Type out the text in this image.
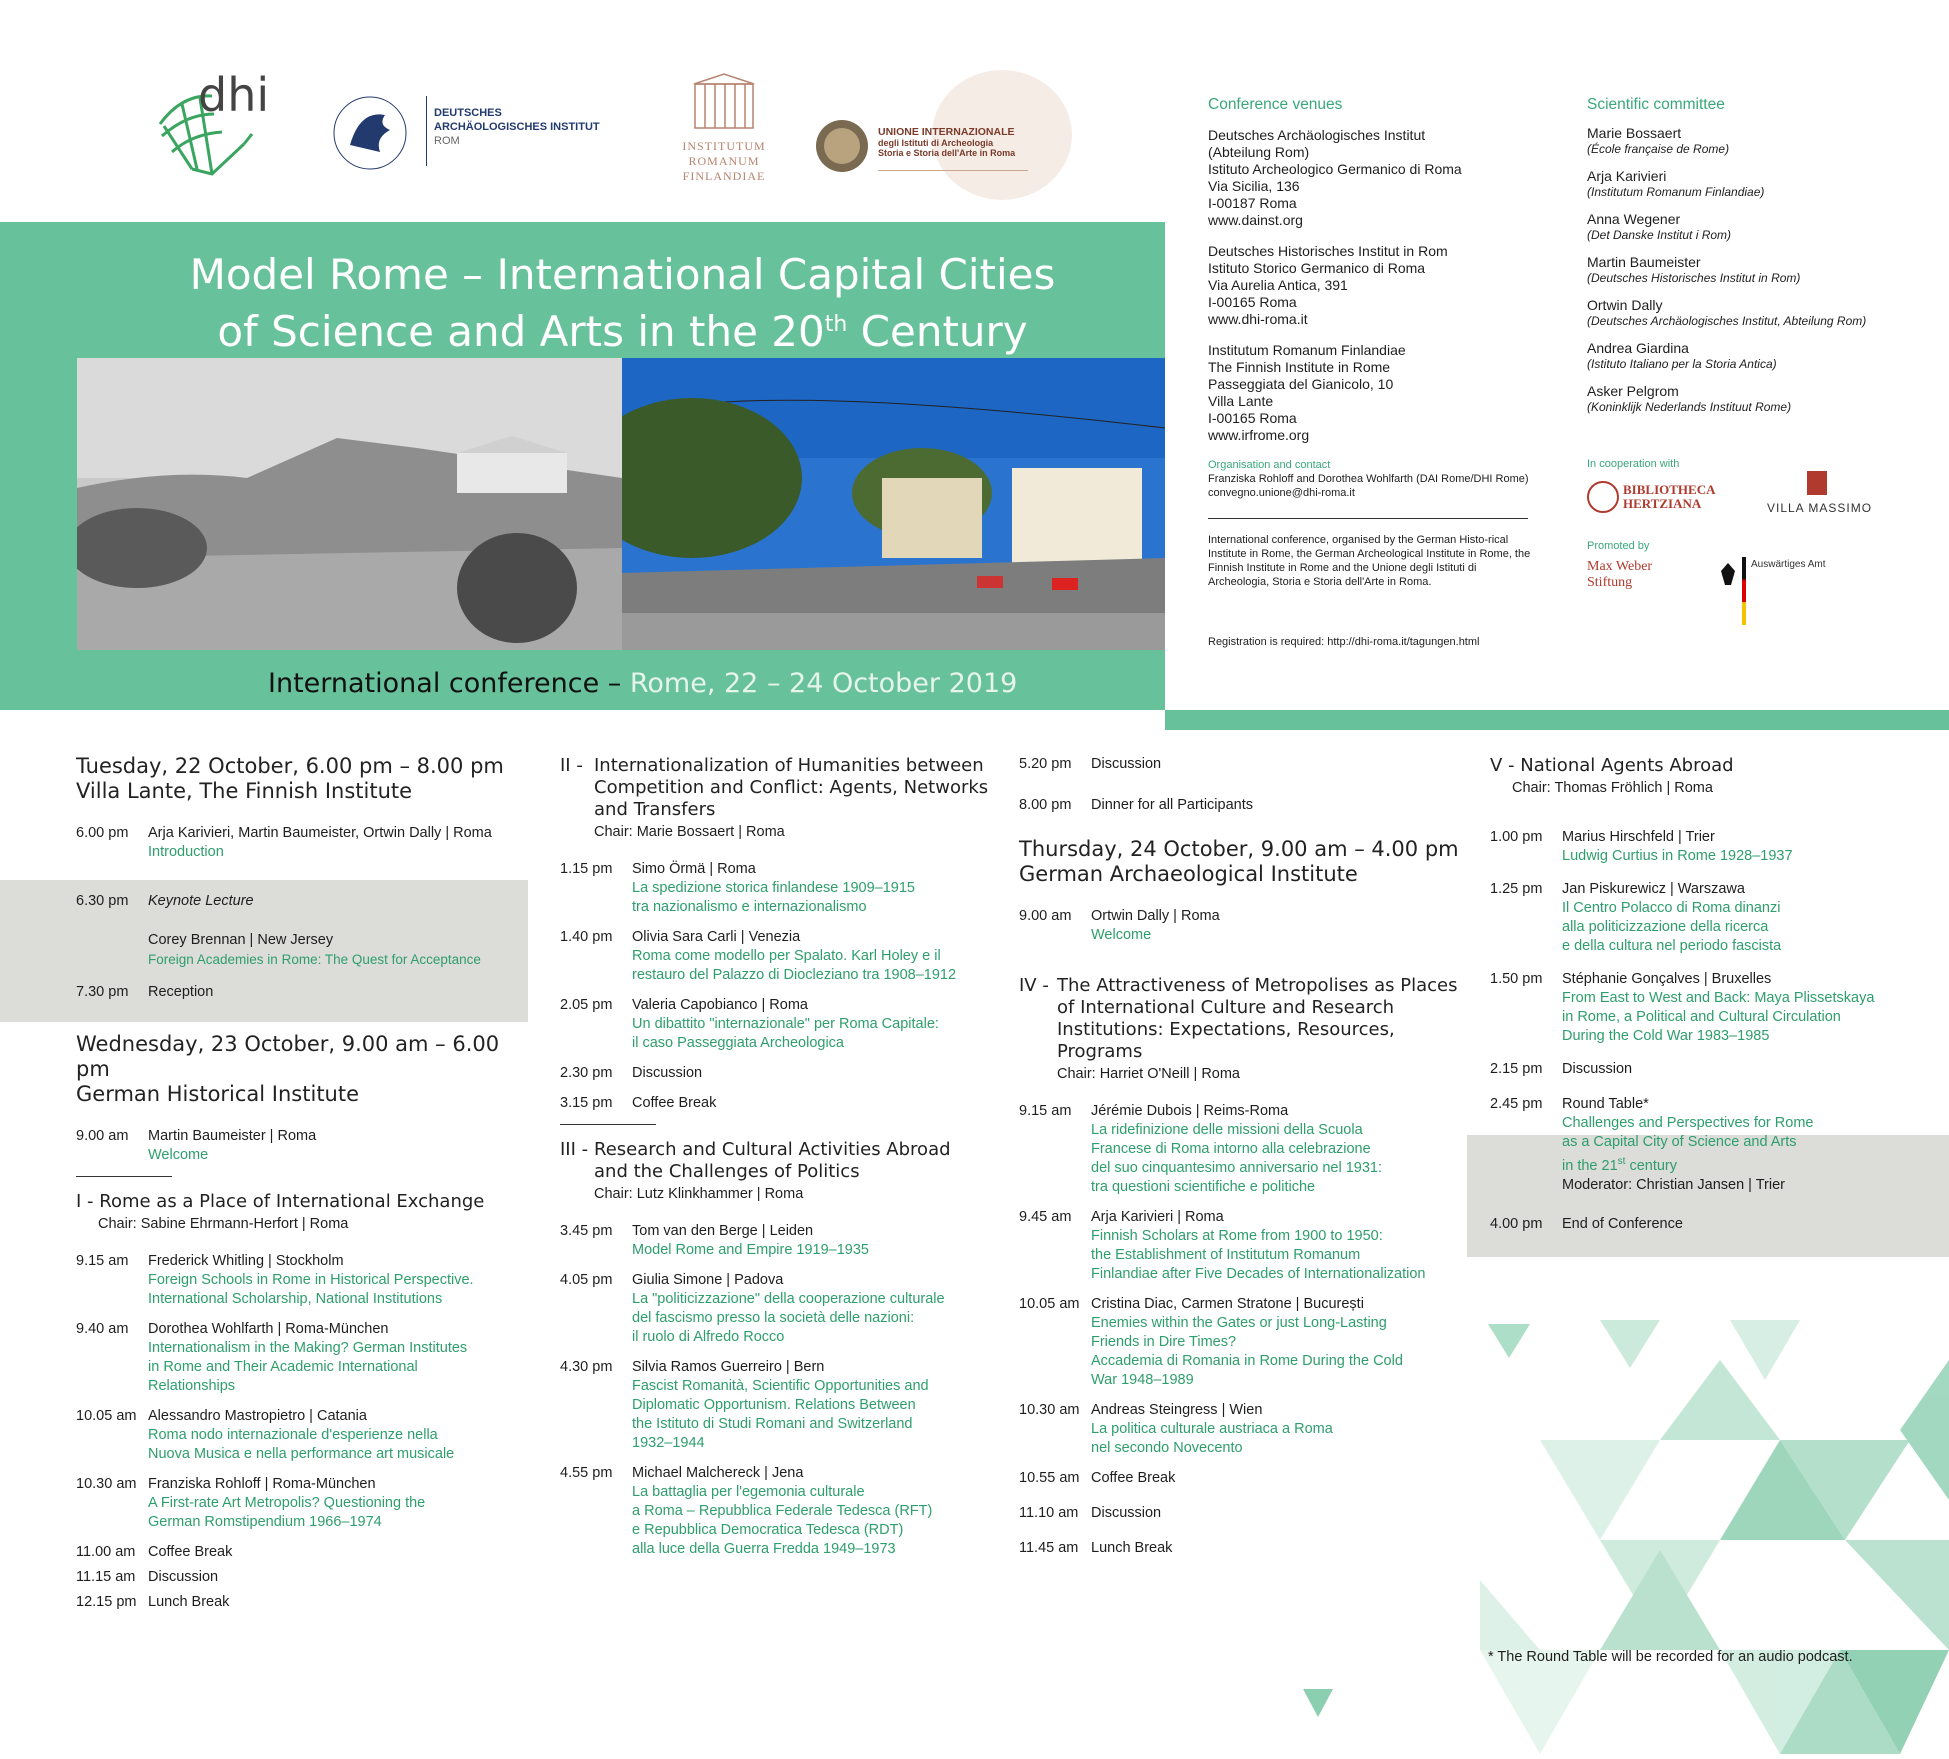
dhi	DEUTSCHES
ARCHÄOLOGISCHES INSTITUT
ROM	INSTITUTUM
ROMANUM
FINLANDIAE
UNIONE INTERNAZIONALE
degli Istituti di Archeologia
Storia e Storia dell'Arte in Roma
Model Rome – International Capital Cities
of Science and Arts in the 20th Century
International conference – Rome, 22 – 24 October 2019
Conference venues
Deutsches Archäologisches Institut
(Abteilung Rom)
Istituto Archeologico Germanico di Roma
Via Sicilia, 136
I-00187 Roma
www.dainst.org
Deutsches Historisches Institut in Rom
Istituto Storico Germanico di Roma
Via Aurelia Antica, 391
I-00165 Roma
www.dhi-roma.it
Institutum Romanum Finlandiae
The Finnish Institute in Rome
Passeggiata del Gianicolo, 10
Villa Lante
I-00165 Roma
www.irfrome.org
Organisation and contact
Franziska Rohloff and Dorothea Wohlfarth (DAI Rome/DHI Rome)
convegno.unione@dhi-roma.it
International conference, organised by the German Histo-rical Institute in Rome, the German Archeological Institute in Rome, the Finnish Institute in Rome and the Unione degli Istituti di Archeologia, Storia e Storia dell'Arte in Roma.
Registration is required: http://dhi-roma.it/tagungen.html
Scientific committee
Marie Bossaert
(École française de Rome)
Arja Karivieri
(Institutum Romanum Finlandiae)
Anna Wegener
(Det Danske Institut i Rom)
Martin Baumeister
(Deutsches Historisches Institut in Rom)
Ortwin Dally
(Deutsches Archäologisches Institut, Abteilung Rom)
Andrea Giardina
(Istituto Italiano per la Storia Antica)
Asker Pelgrom
(Koninklijk Nederlands Instituut Rome)
In cooperation with
BIBLIOTHECA HERTZIANA	VILLA MASSIMO
Promoted by
Max Weber Stiftung
Auswärtiges Amt
Tuesday, 22 October, 6.00 pm – 8.00 pm
Villa Lante, The Finnish Institute
6.00 pm	Arja Karivieri, Martin Baumeister, Ortwin Dally | Roma
Introduction
6.30 pm	Keynote Lecture
Corey Brennan | New Jersey
Foreign Academies in Rome: The Quest for Acceptance
7.30 pm	Reception
Wednesday, 23 October, 9.00 am – 6.00 pm
German Historical Institute
9.00 am	Martin Baumeister | Roma
Welcome
I - Rome as a Place of International Exchange
Chair: Sabine Ehrmann-Herfort | Roma
9.15 am	Frederick Whitling | Stockholm
Foreign Schools in Rome in Historical Perspective.
International Scholarship, National Institutions
9.40 am	Dorothea Wohlfarth | Roma-München
Internationalism in the Making? German Institutes
in Rome and Their Academic International
Relationships
10.05 am Alessandro Mastropietro | Catania
Roma nodo internazionale d'esperienze nella
Nuova Musica e nella performance art musicale
10.30 am Franziska Rohloff | Roma-München
A First-rate Art Metropolis? Questioning the
German Romstipendium 1966–1974
11.00 am Coffee Break
11.15 am Discussion
12.15 pm Lunch Break
II - Internationalization of Humanities between
Competition and Conflict: Agents, Networks
and Transfers
Chair: Marie Bossaert | Roma
1.15 pm	Simo Örmä | Roma
La spedizione storica finlandese 1909–1915
tra nazionalismo e internazionalismo
1.40 pm	Olivia Sara Carli | Venezia
Roma come modello per Spalato. Karl Holey e il
restauro del Palazzo di Diocleziano tra 1908–1912
2.05 pm	Valeria Capobianco | Roma
Un dibattito "internazionale" per Roma Capitale:
il caso Passeggiata Archeologica
2.30 pm	Discussion
3.15 pm	Coffee Break
III - Research and Cultural Activities Abroad
and the Challenges of Politics
Chair: Lutz Klinkhammer | Roma
3.45 pm	Tom van den Berge | Leiden
Model Rome and Empire 1919–1935
4.05 pm	Giulia Simone | Padova
La "politicizzazione" della cooperazione culturale
del fascismo presso la società delle nazioni:
il ruolo di Alfredo Rocco
4.30 pm	Silvia Ramos Guerreiro | Bern
Fascist Romanità, Scientific Opportunities and
Diplomatic Opportunism. Relations Between
the Istituto di Studi Romani and Switzerland
1932–1944
4.55 pm	Michael Malchereck | Jena
La battaglia per l'egemonia culturale
a Roma – Repubblica Federale Tedesca (RFT)
e Repubblica Democratica Tedesca (RDT)
alla luce della Guerra Fredda 1949–1973
5.20 pm	Discussion
8.00 pm	Dinner for all Participants
Thursday, 24 October, 9.00 am – 4.00 pm
German Archaeological Institute
9.00 am	Ortwin Dally | Roma
Welcome
IV - The Attractiveness of Metropolises as Places
of International Culture and Research
Institutions: Expectations, Resources, Programs
Chair: Harriet O'Neill | Roma
9.15 am	Jérémie Dubois | Reims-Roma
La ridefinizione delle missioni della Scuola
Francese di Roma intorno alla celebrazione
del suo cinquantesimo anniversario nel 1931:
tra questioni scientifiche e politiche
9.45 am	Arja Karivieri | Roma
Finnish Scholars at Rome from 1900 to 1950:
the Establishment of Institutum Romanum
Finlandiae after Five Decades of Internationalization
10.05 am Cristina Diac, Carmen Stratone | București
Enemies within the Gates or just Long-Lasting
Friends in Dire Times?
Accademia di Romania in Rome During the Cold
War 1948–1989
10.30 am Andreas Steingress | Wien
La politica culturale austriaca a Roma
nel secondo Novecento
10.55 am Coffee Break
11.10 am Discussion
11.45 am Lunch Break
V - National Agents Abroad
Chair: Thomas Fröhlich | Roma
1.00 pm	Marius Hirschfeld | Trier
Ludwig Curtius in Rome 1928–1937
1.25 pm	Jan Piskurewicz | Warszawa
Il Centro Polacco di Roma dinanzi
alla politicizzazione della ricerca
e della cultura nel periodo fascista
1.50 pm	Stéphanie Gonçalves | Bruxelles
From East to West and Back: Maya Plissetskaya
in Rome, a Political and Cultural Circulation
During the Cold War 1983–1985
2.15 pm	Discussion
2.45 pm	Round Table*
Challenges and Perspectives for Rome
as a Capital City of Science and Arts
in the 21st century
Moderator: Christian Jansen | Trier
4.00 pm	End of Conference
* The Round Table will be recorded for an audio podcast.
